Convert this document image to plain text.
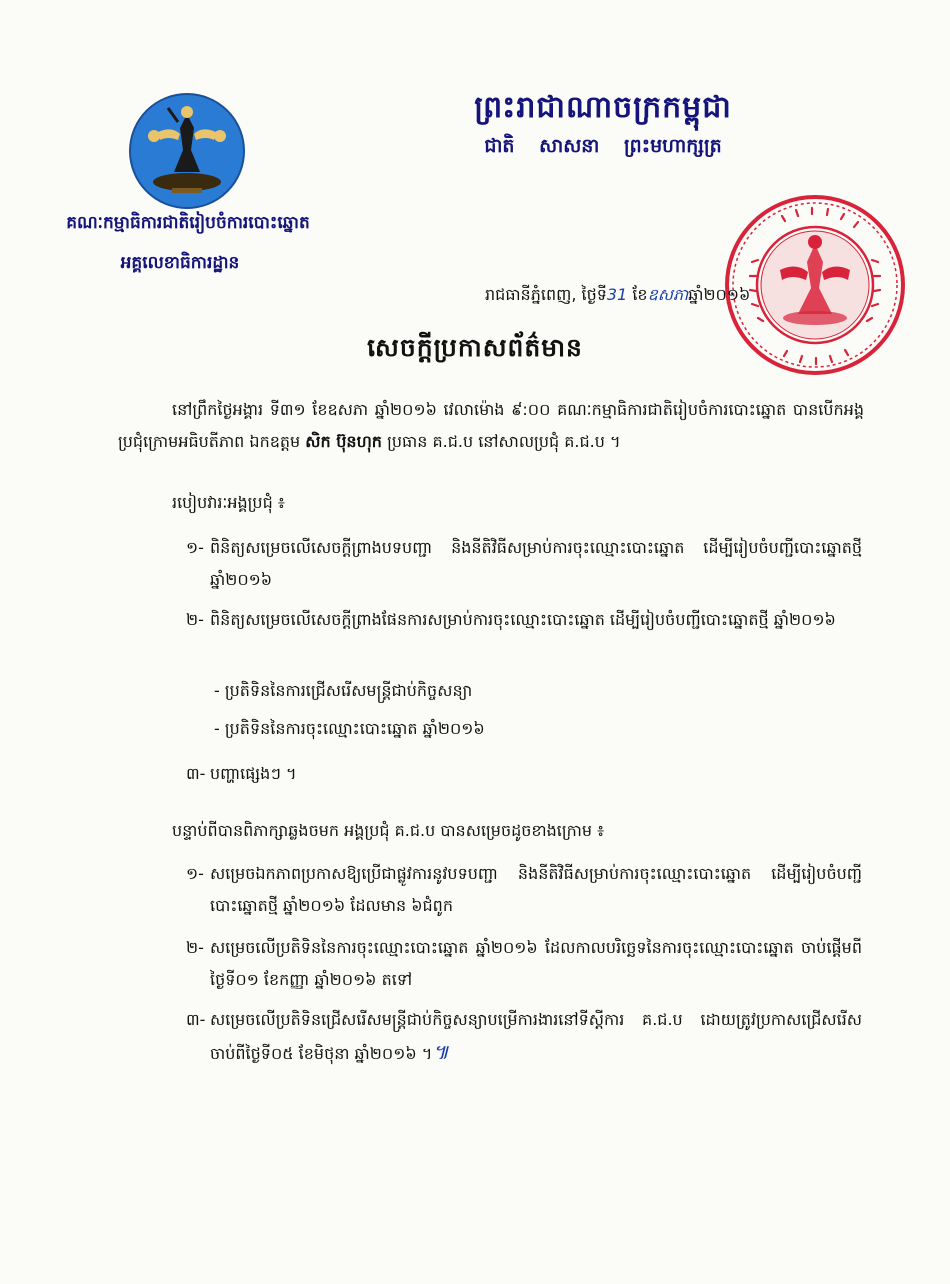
ព្រះរាជាណាចក្រកម្ពុជា
ជាតិ សាសនា ព្រះមហាក្សត្រ
គណៈកម្មាធិការជាតិរៀបចំការបោះឆ្នោត
អគ្គលេខាធិការដ្ឋាន
រាជធានីភ្នំពេញ, ថ្ងៃទី31 ខែឧសភាឆ្នាំ២០១៦
សេចក្តីប្រកាសព័ត៌មាន
នៅព្រឹកថ្ងៃអង្គារ ទី៣១ ខែឧសភា ឆ្នាំ២០១៦ វេលាម៉ោង ៩:០០ គណៈកម្មាធិការជាតិរៀបចំការបោះឆ្នោត បានបើកអង្គប្រជុំក្រោមអធិបតីភាព ឯកឧត្តម សិក ប៊ុនហុក ប្រធាន គ.ជ.ប នៅសាលប្រជុំ គ.ជ.ប ។
របៀបវារៈអង្គប្រជុំ ៖
១- ពិនិត្យសម្រេចលើសេចក្តីព្រាងបទបញ្ជា និងនីតិវិធីសម្រាប់ការចុះឈ្មោះបោះឆ្នោត ដើម្បីរៀបចំបញ្ជីបោះឆ្នោតថ្មី ឆ្នាំ២០១៦
២- ពិនិត្យសម្រេចលើសេចក្តីព្រាងផែនការសម្រាប់ការចុះឈ្មោះបោះឆ្នោត ដើម្បីរៀបចំបញ្ជីបោះឆ្នោតថ្មី ឆ្នាំ២០១៦
- ប្រតិទិននៃការជ្រើសរើសមន្ត្រីជាប់កិច្ចសន្យា
- ប្រតិទិននៃការចុះឈ្មោះបោះឆ្នោត ឆ្នាំ២០១៦
៣- បញ្ហាផ្សេងៗ ។
បន្ទាប់ពីបានពិភាក្សាឆ្លងចមក អង្គប្រជុំ គ.ជ.ប បានសម្រេចដូចខាងក្រោម ៖
១- សម្រេចឯកភាពប្រកាសឱ្យប្រើជាផ្លូវការនូវបទបញ្ជា និងនីតិវិធីសម្រាប់ការចុះឈ្មោះបោះឆ្នោត ដើម្បីរៀបចំបញ្ជីបោះឆ្នោតថ្មី ឆ្នាំ២០១៦ ដែលមាន ៦ជំពូក
២- សម្រេចលើប្រតិទិននៃការចុះឈ្មោះបោះឆ្នោត ឆ្នាំ២០១៦ ដែលកាលបរិច្ឆេទនៃការចុះឈ្មោះបោះឆ្នោត ចាប់ផ្តើមពីថ្ងៃទី០១ ខែកញ្ញា ឆ្នាំ២០១៦ តទៅ
៣- សម្រេចលើប្រតិទិនជ្រើសរើសមន្ត្រីជាប់កិច្ចសន្យាបម្រើការងារនៅទីស្តីការ គ.ជ.ប ដោយត្រូវប្រកាសជ្រើសរើសចាប់ពីថ្ងៃទី០៥ ខែមិថុនា ឆ្នាំ២០១៦ ។៕
